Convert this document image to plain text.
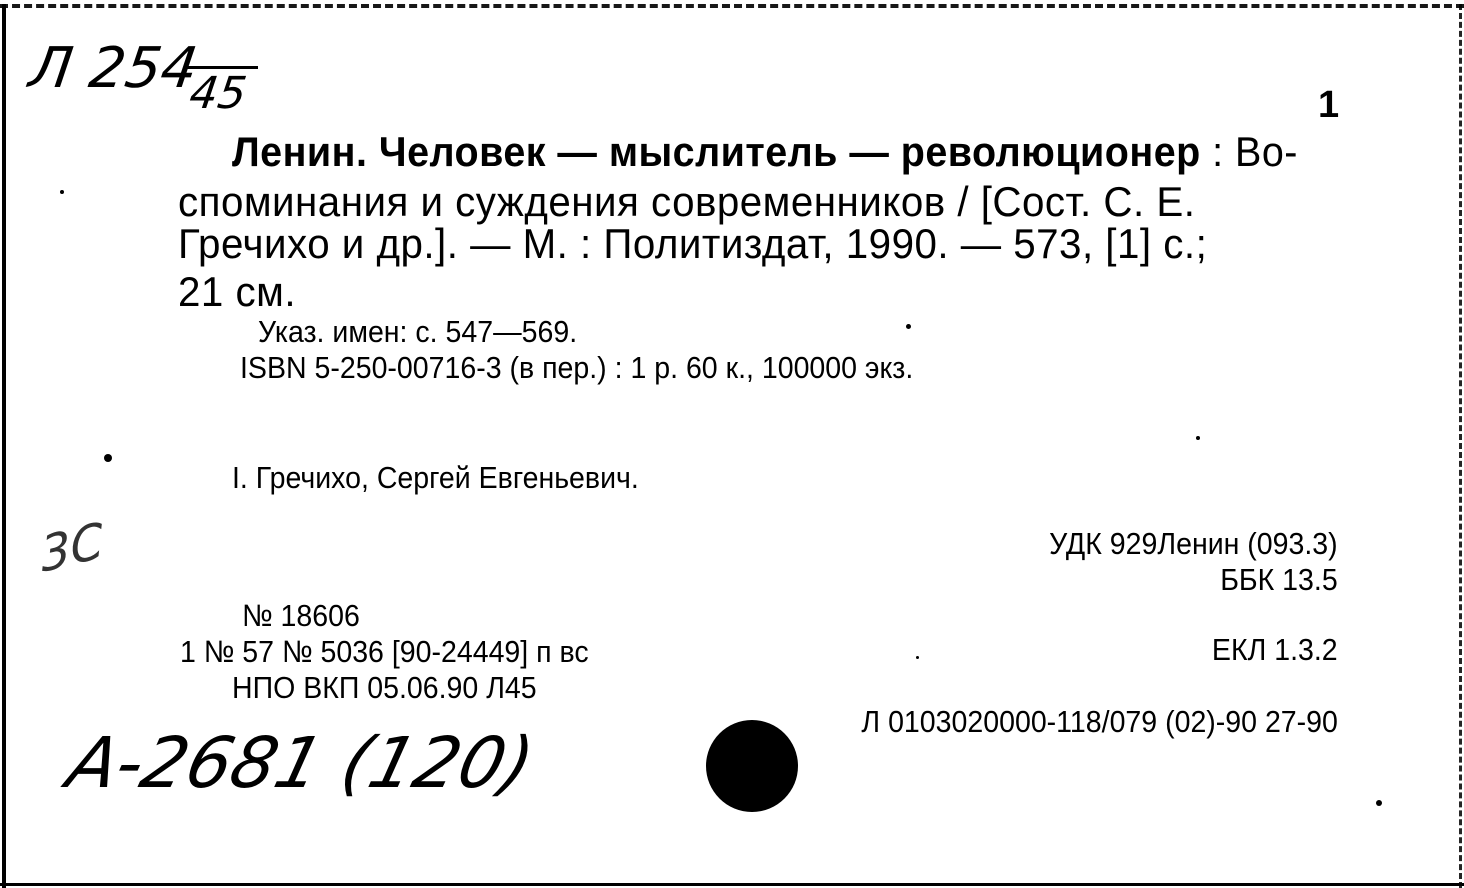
Л 254
45	1
Ленин. Человек — мыслитель — революционер : Во-
споминания и суждения современников / [Сост. С. Е.
Гречихо и др.]. — М. : Политиздат, 1990. — 573, [1] с.;
21 см.
Указ. имен: с. 547—569.
ISBN 5-250-00716-3 (в пер.) : 1 р. 60 к., 100000 экз.
I. Гречихо, Сергей Евгеньевич.
3С	УДК 929Ленин (093.3)
ББК 13.5
ЕКЛ 1.3.2
Л 0103020000-118/079 (02)-90 27-90
№ 18606
1 № 57 № 5036 [90-24449] п вс
НПО ВКП 05.06.90 Л45
A-2681 (120)
